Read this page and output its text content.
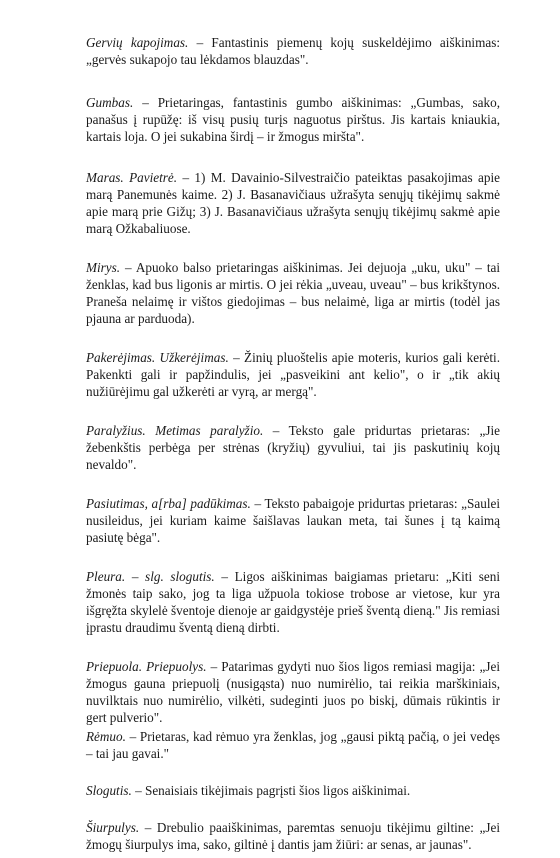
Gervių kapojimas. – Fantastinis piemenų kojų suskeldėjimo aiškinimas: „gervės sukapojo tau lėkdamos blauzdas".

Gumbas. – Prietaringas, fantastinis gumbo aiškinimas: „Gumbas, sako, panašus į rupūžę: iš visų pusių turįs naguotus pirštus. Jis kartais kniaukia, kartais loja. O jei sukabina širdį – ir žmogus miršta".

Maras. Pavietrė. – 1) M. Davainio-Silvestraičio pateiktas pasakojimas apie marą Panemunės kaime. 2) J. Basanavičiaus užrašyta senųjų tikėjimų sakmė apie marą prie Gižų; 3) J. Basanavičiaus užrašyta senųjų tikėjimų sakmė apie marą Ožkabaliuose.

Mirys. – Apuoko balso prietaringas aiškinimas. Jei dejuoja „uku, uku" – tai ženklas, kad bus ligonis ar mirtis. O jei rėkia „uveau, uveau" – bus krikštynos. Praneša nelaimę ir vištos giedojimas – bus nelaimė, liga ar mirtis (todėl jas pjauna ar parduoda).

Pakerėjimas. Užkerėjimas. – Žinių pluoštelis apie moteris, kurios gali kerėti. Pakenkti gali ir papžindulis, jei „pasveikini ant kelio", o ir „tik akių nužiūrėjimu gal užkerėti ar vyrą, ar mergą".

Paralyžius. Metimas paralyžio. – Teksto gale pridurtas prietaras: „Jie žebenkštis perbėga per strėnas (kryžių) gyvuliui, tai jis paskutinių kojų nevaldo".

Pasiutimas, a[rba] padūkimas. – Teksto pabaigoje pridurtas prietaras: „Saulei nusileidus, jei kuriam kaime šaišlavas laukan meta, tai šunes į tą kaimą pasiutę bėga".

Pleura. – slg. slogutis. – Ligos aiškinimas baigiamas prietaru: „Kiti seni žmonės taip sako, jog ta liga užpuola tokiose trobose ar vietose, kur yra išgręžta skylelė šventoje dienoje ar gaidgystėje prieš šventą dieną." Jis remiasi įprastu draudimu šventą dieną dirbti.

Priepuola. Priepuolys. – Patarimas gydyti nuo šios ligos remiasi magija: „Jei žmogus gauna priepuolį (nusigąsta) nuo numirėlio, tai reikia marškiniais, nuvilktais nuo numirėlio, vilkėti, sudeginti juos po biskį, dūmais rūkintis ir gert pulverio".

Rėmuo. – Prietaras, kad rėmuo yra ženklas, jog „gausi piktą pačią, o jei vedęs – tai jau gavai."

Slogutis. – Senaisiais tikėjimais pagrįsti šios ligos aiškinimai.

Šiurpulys. – Drebulio paaiškinimas, paremtas senuoju tikėjimu giltine: „Jei žmogų šiurpulys ima, sako, giltinė į dantis jam žiūri: ar senas, ar jaunas".
